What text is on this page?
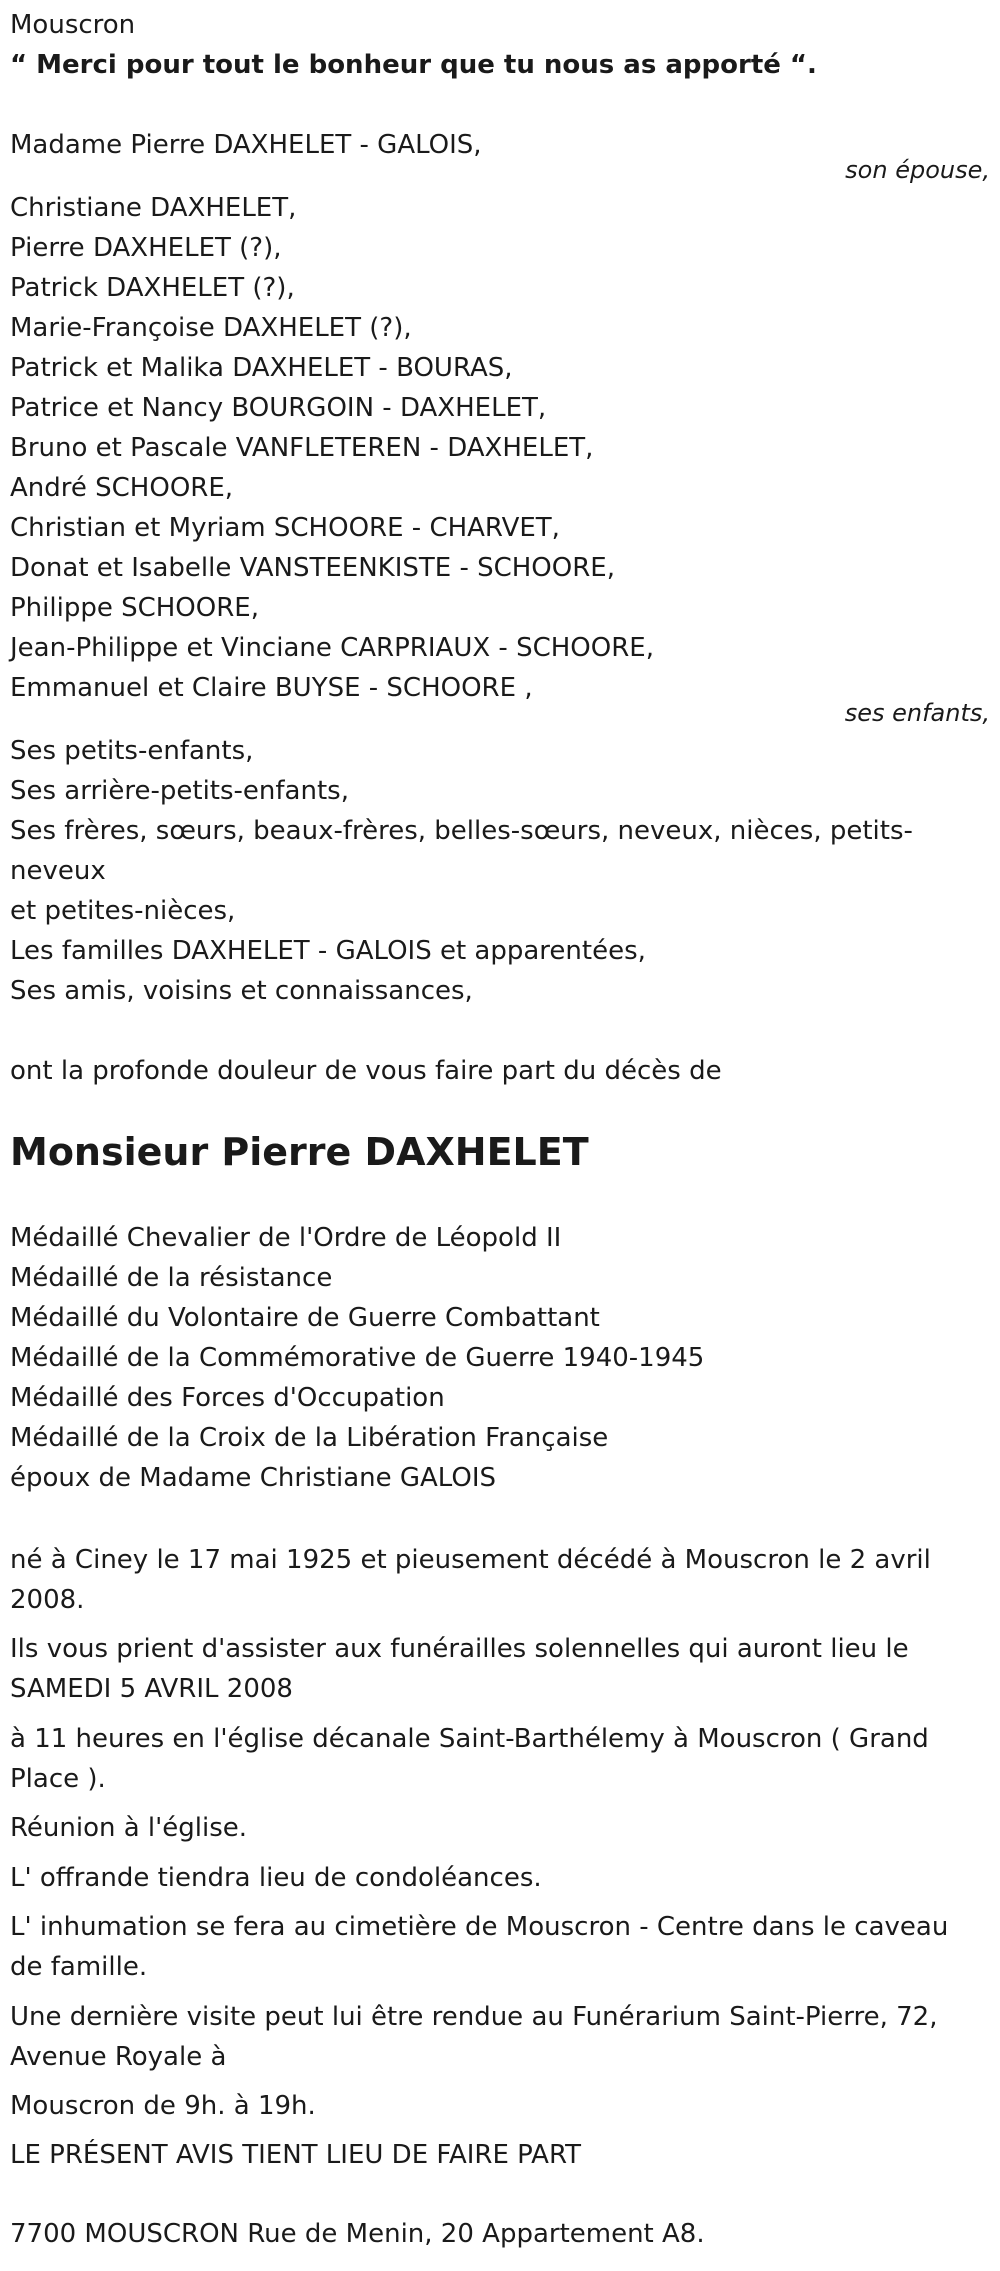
Mouscron
“ Merci pour tout le bonheur que tu nous as apporté “.
Madame Pierre DAXHELET - GALOIS,
son épouse,
Christiane DAXHELET,
Pierre DAXHELET (?),
Patrick DAXHELET (?),
Marie-Françoise DAXHELET (?),
Patrick et Malika DAXHELET - BOURAS,
Patrice et Nancy BOURGOIN - DAXHELET,
Bruno et Pascale VANFLETEREN - DAXHELET,
André SCHOORE,
Christian et Myriam SCHOORE - CHARVET,
Donat et Isabelle VANSTEENKISTE - SCHOORE,
Philippe SCHOORE,
Jean-Philippe et Vinciane CARPRIAUX - SCHOORE,
Emmanuel et Claire BUYSE - SCHOORE ,
ses enfants,
Ses petits-enfants,
Ses arrière-petits-enfants,
Ses frères, sœurs, beaux-frères, belles-sœurs, neveux, nièces, petits-
neveux
et petites-nièces,
Les familles DAXHELET - GALOIS et apparentées,
Ses amis, voisins et connaissances,
ont la profonde douleur de vous faire part du décès de
Monsieur Pierre DAXHELET
Médaillé Chevalier de l'Ordre de Léopold II
Médaillé de la résistance
Médaillé du Volontaire de Guerre Combattant
Médaillé de la Commémorative de Guerre 1940-1945
Médaillé des Forces d'Occupation
Médaillé de la Croix de la Libération Française
époux de Madame Christiane GALOIS
né à Ciney le 17 mai 1925 et pieusement décédé à Mouscron le 2 avril
2008.
Ils vous prient d'assister aux funérailles solennelles qui auront lieu le
SAMEDI 5 AVRIL 2008
à 11 heures en l'église décanale Saint-Barthélemy à Mouscron ( Grand
Place ).
Réunion à l'église.
L' offrande tiendra lieu de condoléances.
L' inhumation se fera au cimetière de Mouscron - Centre dans le caveau
de famille.
Une dernière visite peut lui être rendue au Funérarium Saint-Pierre, 72,
Avenue Royale à
Mouscron de 9h. à 19h.
LE PRÉSENT AVIS TIENT LIEU DE FAIRE PART
7700 MOUSCRON Rue de Menin, 20 Appartement A8.
